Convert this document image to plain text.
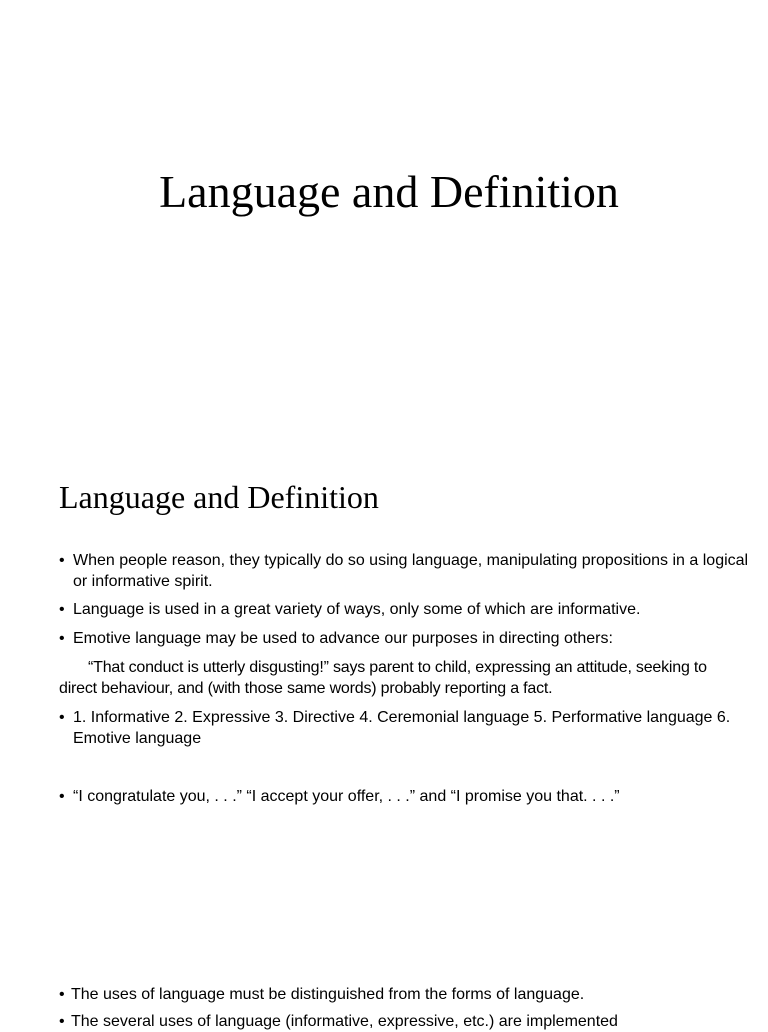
Language and Definition
Language and Definition
• When people reason, they typically do so using language, manipulating propositions in a logical or informative spirit.
• Language is used in a great variety of ways, only some of which are informative.
• Emotive language may be used to advance our purposes in directing others:
“That conduct is utterly disgusting!” says parent to child, expressing an attitude, seeking to direct behaviour, and (with those same words) probably reporting a fact.
• 1. Informative 2. Expressive 3. Directive 4. Ceremonial language 5. Performative language 6. Emotive language
• “I congratulate you, . . .” “I accept your offer, . . .” and “I promise you that. . . .”
• The uses of language must be distinguished from the forms of language.
• The several uses of language (informative, expressive, etc.) are implemented
